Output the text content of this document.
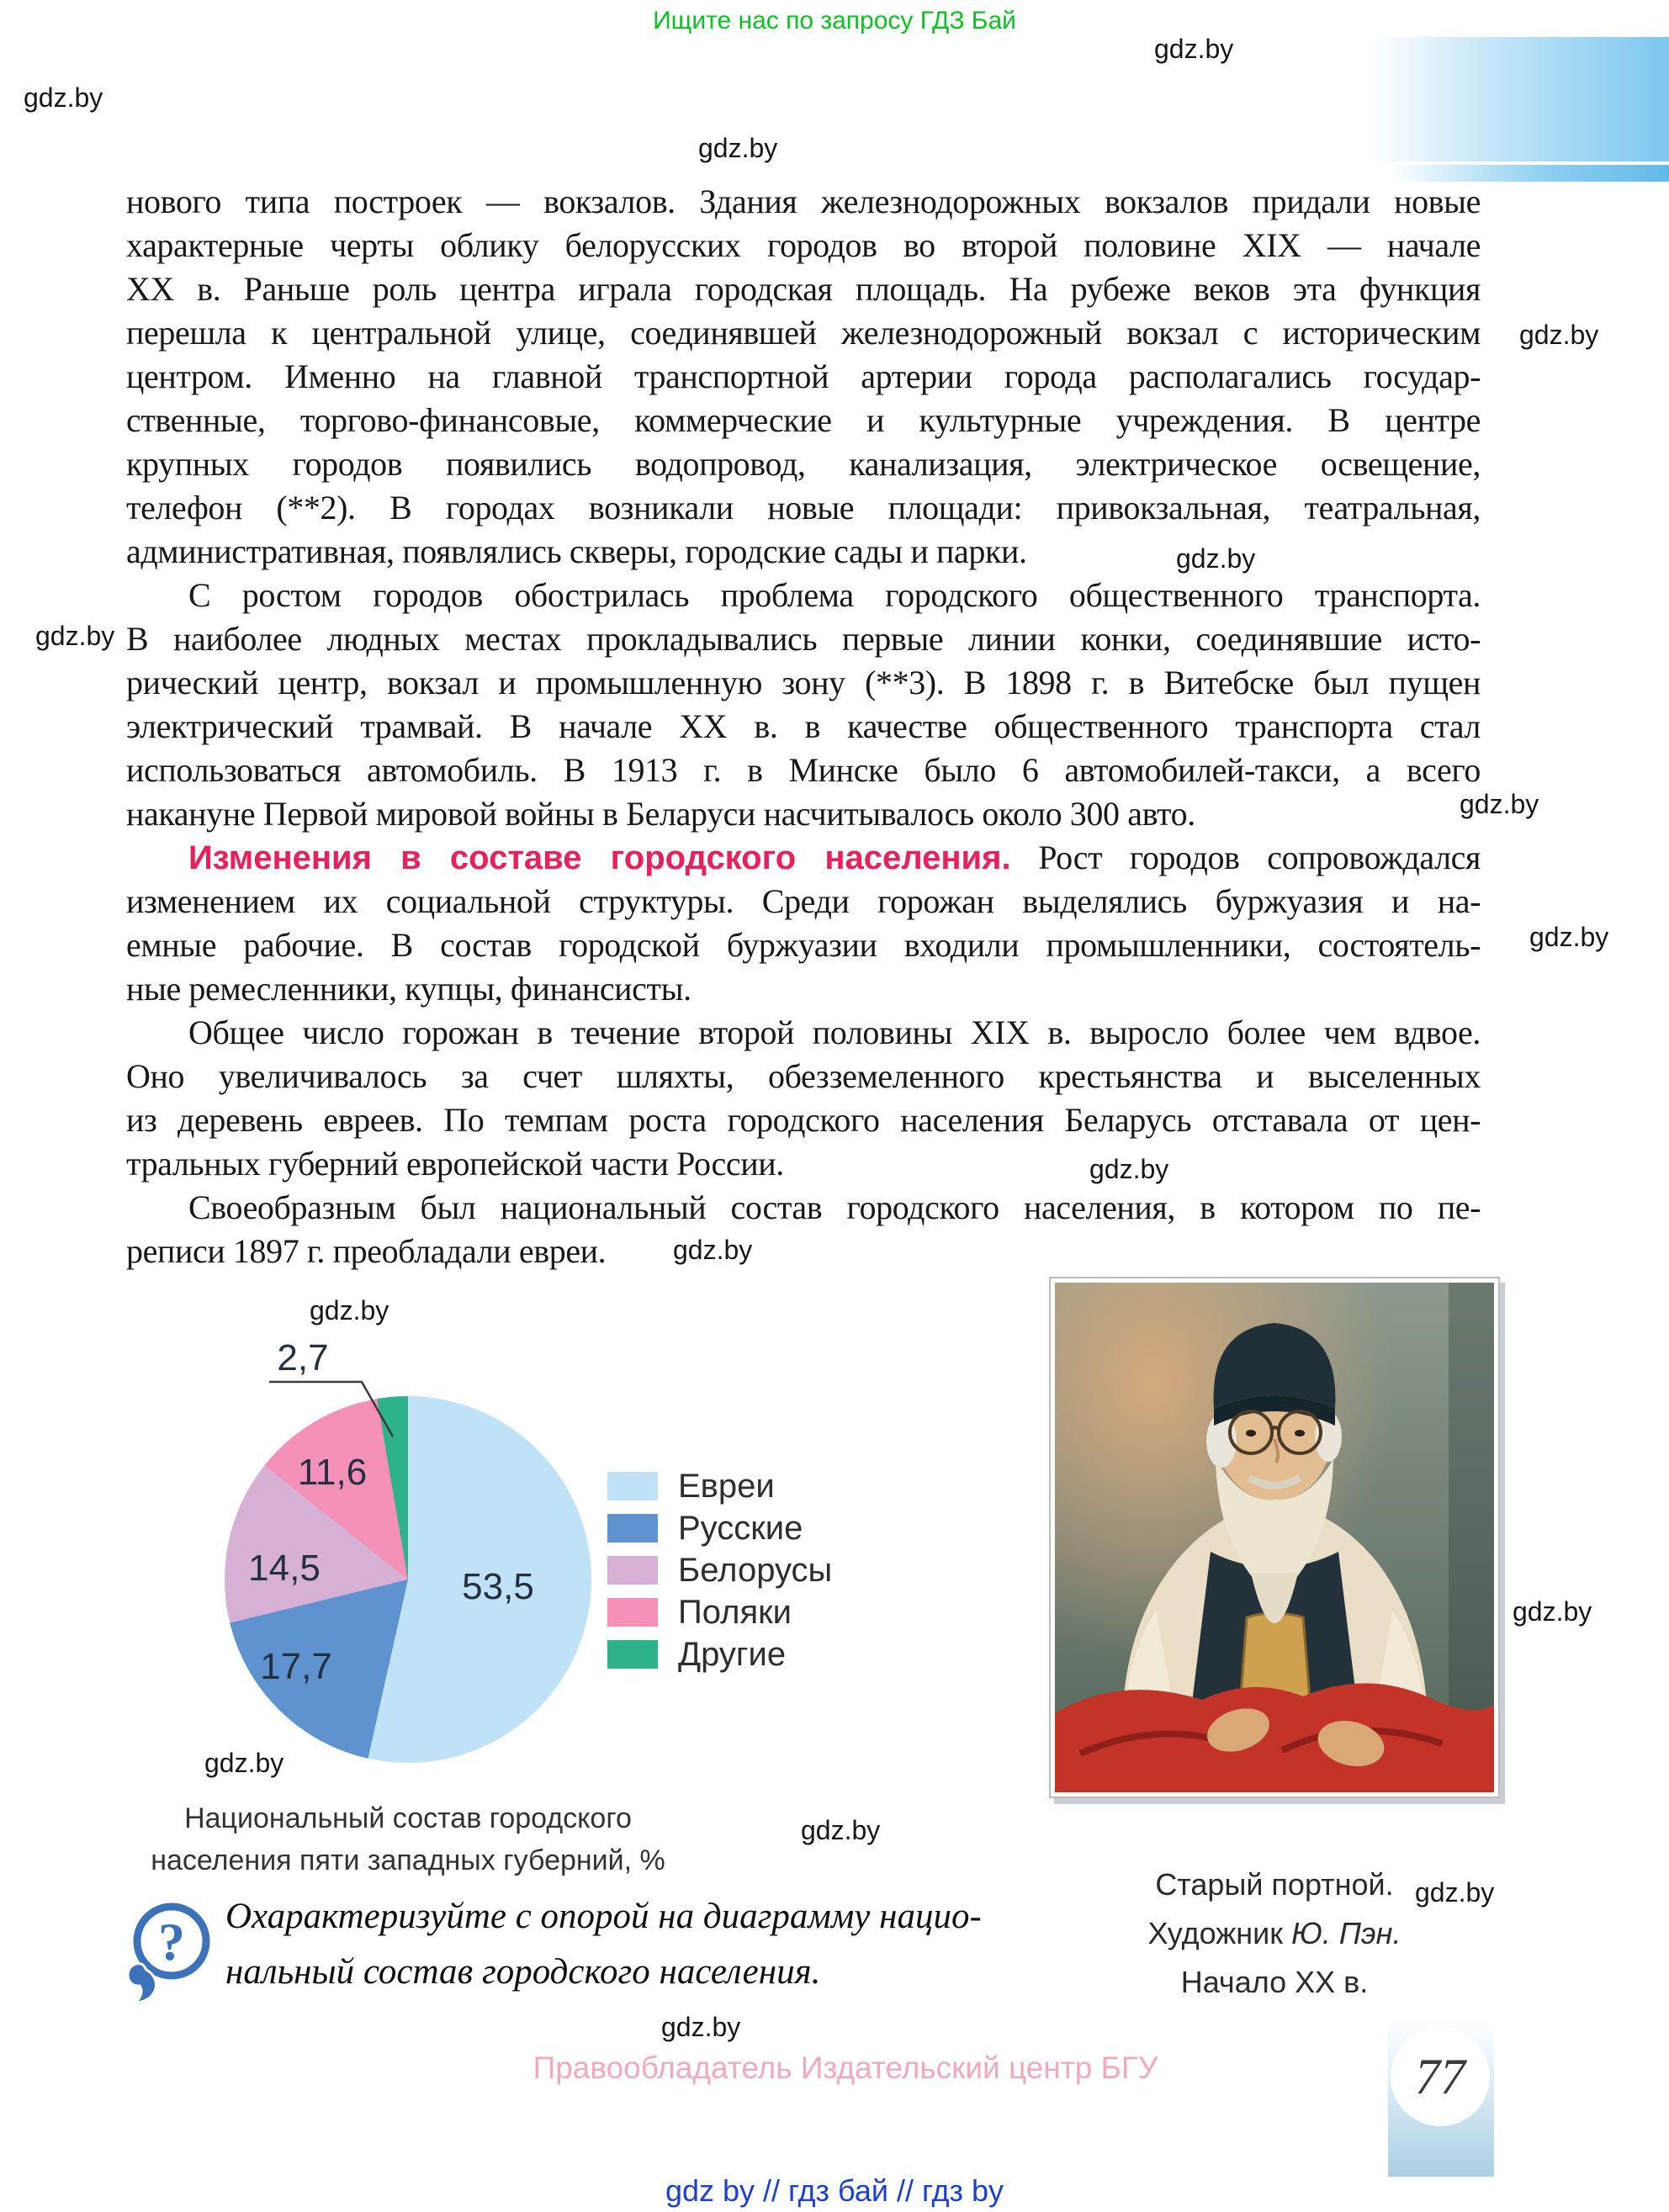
Ищите нас по запросу ГДЗ Бай
gdz.by
gdz.by
gdz.by
gdz.by
gdz.by
gdz.by
gdz.by
gdz.by
gdz.by
gdz.by
gdz.by
gdz.by
gdz.by
gdz.by
gdz.by
gdz.by
нового типа построек — вокзалов. Здания железнодорожных вокзалов придали новые
характерные черты облику белорусских городов во второй половине XIX — начале
XX в. Раньше роль центра играла городская площадь. На рубеже веков эта функция
перешла к центральной улице, соединявшей железнодорожный вокзал с историческим
центром. Именно на главной транспортной артерии города располагались государ-
ственные, торгово-финансовые, коммерческие и культурные учреждения. В центре
крупных городов появились водопровод, канализация, электрическое освещение,
телефон (**2). В городах возникали новые площади: привокзальная, театральная,
административная, появлялись скверы, городские сады и парки.
С ростом городов обострилась проблема городского общественного транспорта.
В наиболее людных местах прокладывались первые линии конки, соединявшие исто-
рический центр, вокзал и промышленную зону (**3). В 1898 г. в Витебске был пущен
электрический трамвай. В начале XX в. в качестве общественного транспорта стал
использоваться автомобиль. В 1913 г. в Минске было 6 автомобилей-такси, а всего
накануне Первой мировой войны в Беларуси насчитывалось около 300 авто.
Изменения в составе городского населения. Рост городов сопровождался
изменением их социальной структуры. Среди горожан выделялись буржуазия и на-
емные рабочие. В состав городской буржуазии входили промышленники, состоятель-
ные ремесленники, купцы, финансисты.
Общее число горожан в течение второй половины XIX в. выросло более чем вдвое.
Оно увеличивалось за счет шляхты, обезземеленного крестьянства и выселенных
из деревень евреев. По темпам роста городского населения Беларусь отставала от цен-
тральных губерний европейской части России.
Своеобразным был национальный состав городского населения, в котором по пе-
реписи 1897 г. преобладали евреи.
53,5
17,7
14,5
11,6
2,7
Евреи
Русские
Белорусы
Поляки
Другие
Национальный состав городского
населения пяти западных губерний, %
? Охарактеризуйте с опорой на диаграмму нацио-
нальный состав городского населения.
Старый портной.
Художник Ю. Пэн.
Начало XX в.
Правообладатель Издательский центр БГУ
gdz by // гдз бай // гдз by
77
